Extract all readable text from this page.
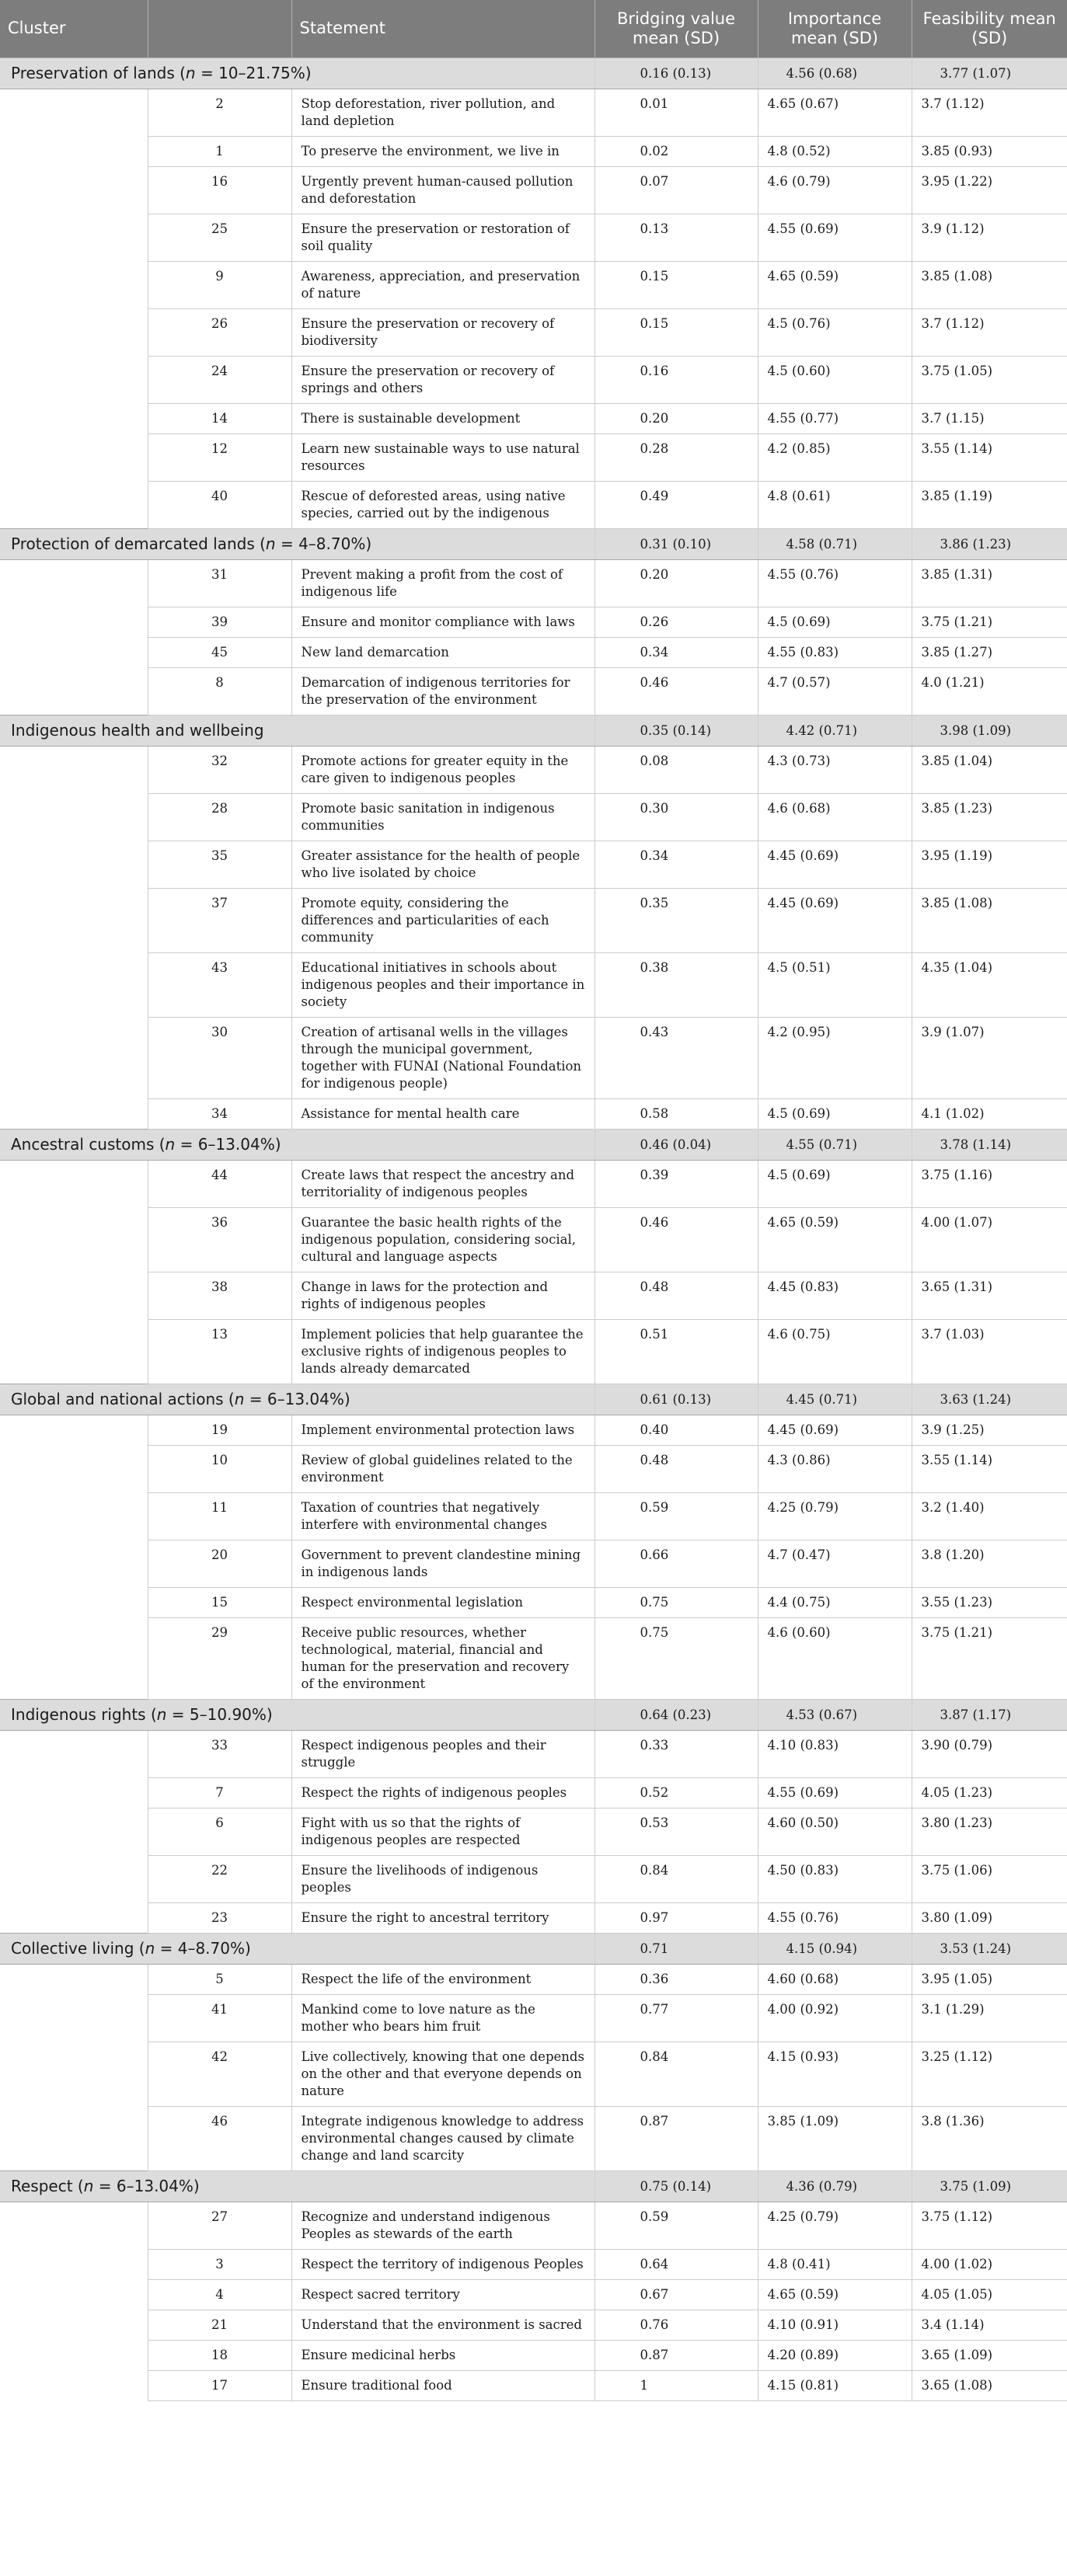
Cluster		Statement	Bridging value mean (SD)	Importance mean (SD)	Feasibility mean (SD)
Preservation of lands (n = 10–21.75%)			0.16 (0.13)	4.56 (0.68)	3.77 (1.07)
	2	Stop deforestation, river pollution, and land depletion	0.01	4.65 (0.67)	3.7 (1.12)
	1	To preserve the environment, we live in	0.02	4.8 (0.52)	3.85 (0.93)
	16	Urgently prevent human-caused pollution and deforestation	0.07	4.6 (0.79)	3.95 (1.22)
	25	Ensure the preservation or restoration of soil quality	0.13	4.55 (0.69)	3.9 (1.12)
	9	Awareness, appreciation, and preservation of nature	0.15	4.65 (0.59)	3.85 (1.08)
	26	Ensure the preservation or recovery of biodiversity	0.15	4.5 (0.76)	3.7 (1.12)
	24	Ensure the preservation or recovery of springs and others	0.16	4.5 (0.60)	3.75 (1.05)
	14	There is sustainable development	0.20	4.55 (0.77)	3.7 (1.15)
	12	Learn new sustainable ways to use natural resources	0.28	4.2 (0.85)	3.55 (1.14)
	40	Rescue of deforested areas, using native species, carried out by the indigenous	0.49	4.8 (0.61)	3.85 (1.19)
Protection of demarcated lands (n = 4–8.70%)			0.31 (0.10)	4.58 (0.71)	3.86 (1.23)
	31	Prevent making a profit from the cost of indigenous life	0.20	4.55 (0.76)	3.85 (1.31)
	39	Ensure and monitor compliance with laws	0.26	4.5 (0.69)	3.75 (1.21)
	45	New land demarcation	0.34	4.55 (0.83)	3.85 (1.27)
	8	Demarcation of indigenous territories for the preservation of the environment	0.46	4.7 (0.57)	4.0 (1.21)
Indigenous health and wellbeing			0.35 (0.14)	4.42 (0.71)	3.98 (1.09)
	32	Promote actions for greater equity in the care given to indigenous peoples	0.08	4.3 (0.73)	3.85 (1.04)
	28	Promote basic sanitation in indigenous communities	0.30	4.6 (0.68)	3.85 (1.23)
	35	Greater assistance for the health of people who live isolated by choice	0.34	4.45 (0.69)	3.95 (1.19)
	37	Promote equity, considering the differences and particularities of each community	0.35	4.45 (0.69)	3.85 (1.08)
	43	Educational initiatives in schools about indigenous peoples and their importance in society	0.38	4.5 (0.51)	4.35 (1.04)
	30	Creation of artisanal wells in the villages through the municipal government, together with FUNAI (National Foundation for indigenous people)	0.43	4.2 (0.95)	3.9 (1.07)
	34	Assistance for mental health care	0.58	4.5 (0.69)	4.1 (1.02)
Ancestral customs (n = 6–13.04%)			0.46 (0.04)	4.55 (0.71)	3.78 (1.14)
	44	Create laws that respect the ancestry and territoriality of indigenous peoples	0.39	4.5 (0.69)	3.75 (1.16)
	36	Guarantee the basic health rights of the indigenous population, considering social, cultural and language aspects	0.46	4.65 (0.59)	4.00 (1.07)
	38	Change in laws for the protection and rights of indigenous peoples	0.48	4.45 (0.83)	3.65 (1.31)
	13	Implement policies that help guarantee the exclusive rights of indigenous peoples to lands already demarcated	0.51	4.6 (0.75)	3.7 (1.03)
Global and national actions (n = 6–13.04%)			0.61 (0.13)	4.45 (0.71)	3.63 (1.24)
	19	Implement environmental protection laws	0.40	4.45 (0.69)	3.9 (1.25)
	10	Review of global guidelines related to the environment	0.48	4.3 (0.86)	3.55 (1.14)
	11	Taxation of countries that negatively interfere with environmental changes	0.59	4.25 (0.79)	3.2 (1.40)
	20	Government to prevent clandestine mining in indigenous lands	0.66	4.7 (0.47)	3.8 (1.20)
	15	Respect environmental legislation	0.75	4.4 (0.75)	3.55 (1.23)
	29	Receive public resources, whether technological, material, financial and human for the preservation and recovery of the environment	0.75	4.6 (0.60)	3.75 (1.21)
Indigenous rights (n = 5–10.90%)			0.64 (0.23)	4.53 (0.67)	3.87 (1.17)
	33	Respect indigenous peoples and their struggle	0.33	4.10 (0.83)	3.90 (0.79)
	7	Respect the rights of indigenous peoples	0.52	4.55 (0.69)	4.05 (1.23)
	6	Fight with us so that the rights of indigenous peoples are respected	0.53	4.60 (0.50)	3.80 (1.23)
	22	Ensure the livelihoods of indigenous peoples	0.84	4.50 (0.83)	3.75 (1.06)
	23	Ensure the right to ancestral territory	0.97	4.55 (0.76)	3.80 (1.09)
Collective living (n = 4–8.70%)			0.71	4.15 (0.94)	3.53 (1.24)
	5	Respect the life of the environment	0.36	4.60 (0.68)	3.95 (1.05)
	41	Mankind come to love nature as the mother who bears him fruit	0.77	4.00 (0.92)	3.1 (1.29)
	42	Live collectively, knowing that one depends on the other and that everyone depends on nature	0.84	4.15 (0.93)	3.25 (1.12)
	46	Integrate indigenous knowledge to address environmental changes caused by climate change and land scarcity	0.87	3.85 (1.09)	3.8 (1.36)
Respect (n = 6–13.04%)			0.75 (0.14)	4.36 (0.79)	3.75 (1.09)
	27	Recognize and understand indigenous Peoples as stewards of the earth	0.59	4.25 (0.79)	3.75 (1.12)
	3	Respect the territory of indigenous Peoples	0.64	4.8 (0.41)	4.00 (1.02)
	4	Respect sacred territory	0.67	4.65 (0.59)	4.05 (1.05)
	21	Understand that the environment is sacred	0.76	4.10 (0.91)	3.4 (1.14)
	18	Ensure medicinal herbs	0.87	4.20 (0.89)	3.65 (1.09)
	17	Ensure traditional food	1	4.15 (0.81)	3.65 (1.08)
